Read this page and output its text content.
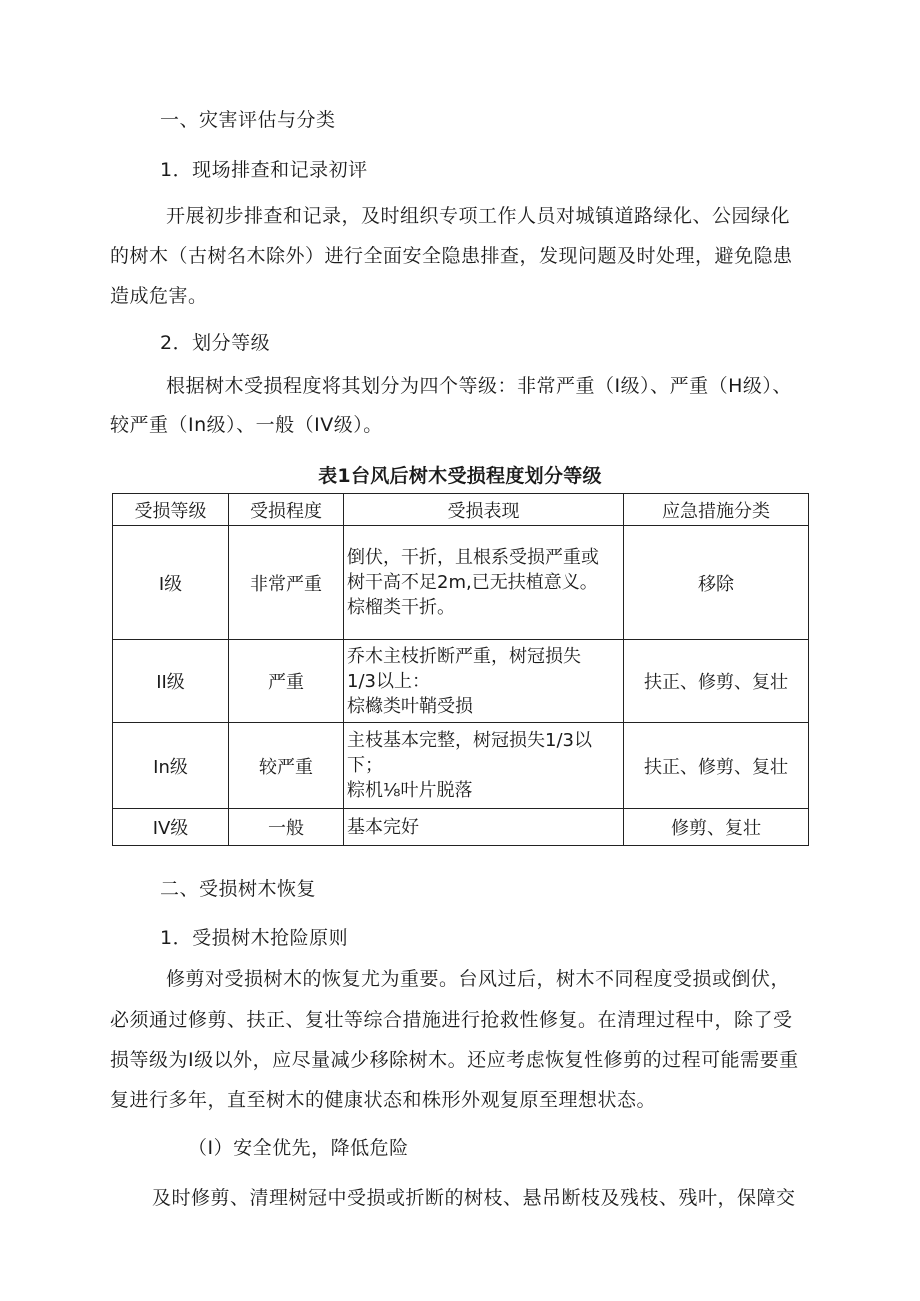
一、灾害评估与分类
1．现场排查和记录初评
开展初步排查和记录，及时组织专项工作人员对城镇道路绿化、公园绿化
的树木（古树名木除外）进行全面安全隐患排查，发现问题及时处理，避免隐患
造成危害。
2．划分等级
根据树木受损程度将其划分为四个等级：非常严重（I级）、严重（H级）、
较严重（In级）、一般（IV级）。
表1台风后树木受损程度划分等级
受损等级	受损程度	受损表现	应急措施分类
I级	非常严重	倒伏，干折，且根系受损严重或
树干高不足2m,已无扶植意义。
棕榴类干折。	移除
II级	严重	乔木主枝折断严重，树冠损失
1/3以上：
棕櫞类叶鞘受损	扶正、修剪、复壮
In级	较严重	主枝基本完整，树冠损失1/3以
下；
粽机⅛叶片脱落	扶正、修剪、复壮
IV级	一般	基本完好	修剪、复壮
二、受损树木恢复
1．受损树木抢险原则
修剪对受损树木的恢复尤为重要。台风过后，树木不同程度受损或倒伏，
必须通过修剪、扶正、复壮等综合措施进行抢救性修复。在清理过程中，除了受
损等级为I级以外，应尽量减少移除树木。还应考虑恢复性修剪的过程可能需要重
复进行多年，直至树木的健康状态和株形外观复原至理想状态。
（I）安全优先，降低危险
及时修剪、清理树冠中受损或折断的树枝、悬吊断枝及残枝、残叶，保障交
